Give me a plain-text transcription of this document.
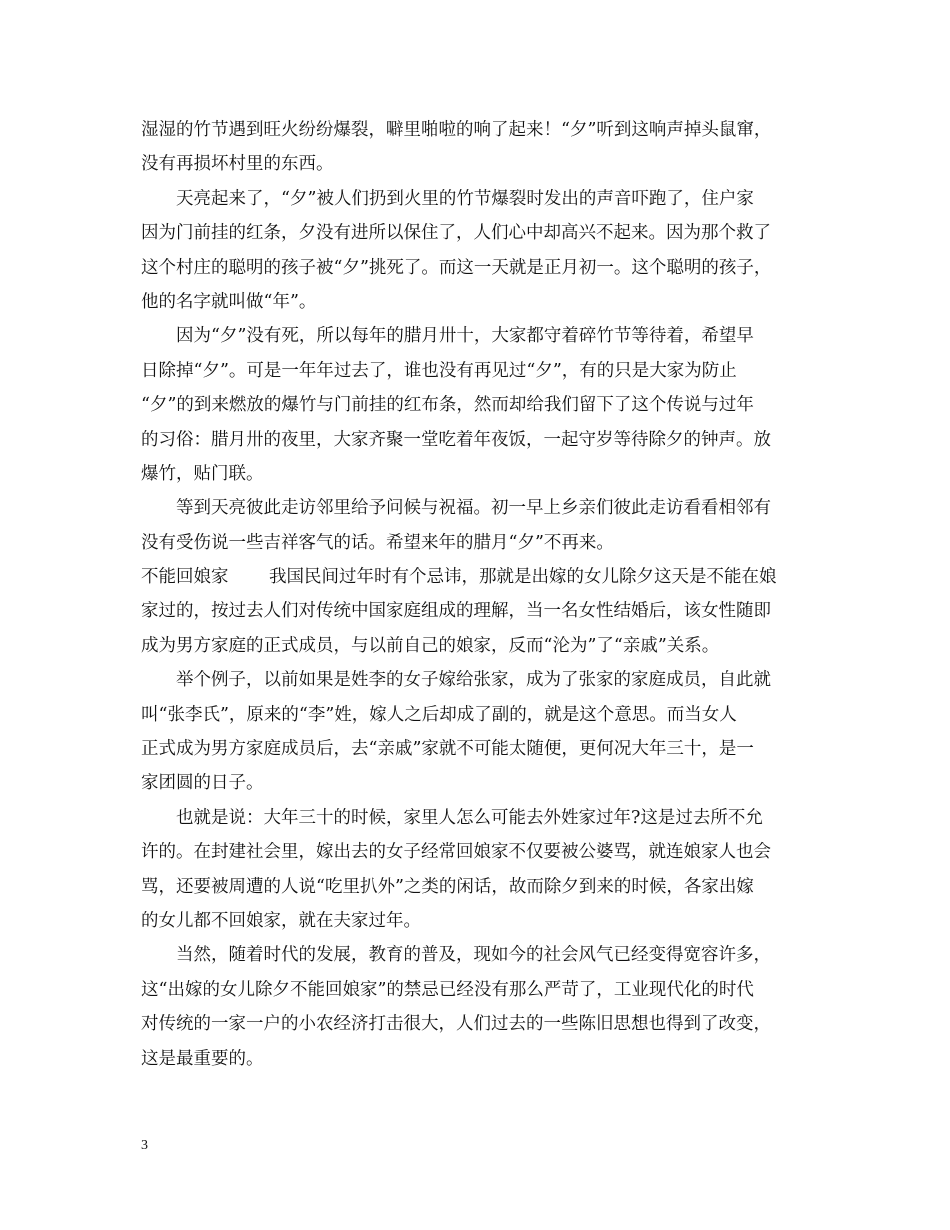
湿湿的竹节遇到旺火纷纷爆裂，噼里啪啦的响了起来！“夕”听到这响声掉头鼠窜，
没有再损坏村里的东西。
天亮起来了，“夕”被人们扔到火里的竹节爆裂时发出的声音吓跑了，住户家
因为门前挂的红条，夕没有进所以保住了，人们心中却高兴不起来。因为那个救了
这个村庄的聪明的孩子被“夕”挑死了。而这一天就是正月初一。这个聪明的孩子，
他的名字就叫做“年”。
因为“夕”没有死，所以每年的腊月卅十，大家都守着碎竹节等待着，希望早
日除掉“夕”。可是一年年过去了，谁也没有再见过“夕”，有的只是大家为防止
“夕”的到来燃放的爆竹与门前挂的红布条，然而却给我们留下了这个传说与过年
的习俗：腊月卅的夜里，大家齐聚一堂吃着年夜饭，一起守岁等待除夕的钟声。放
爆竹，贴门联。
等到天亮彼此走访邻里给予问候与祝福。初一早上乡亲们彼此走访看看相邻有
没有受伤说一些吉祥客气的话。希望来年的腊月“夕”不再来。
不能回娘家 我国民间过年时有个忌讳，那就是出嫁的女儿除夕这天是不能在娘
家过的，按过去人们对传统中国家庭组成的理解，当一名女性结婚后，该女性随即
成为男方家庭的正式成员，与以前自己的娘家，反而“沦为”了“亲戚”关系。
举个例子，以前如果是姓李的女子嫁给张家，成为了张家的家庭成员，自此就
叫“张李氏”，原来的“李”姓，嫁人之后却成了副的，就是这个意思。而当女人
正式成为男方家庭成员后，去“亲戚”家就不可能太随便，更何况大年三十，是一
家团圆的日子。
也就是说：大年三十的时候，家里人怎么可能去外姓家过年?这是过去所不允
许的。在封建社会里，嫁出去的女子经常回娘家不仅要被公婆骂，就连娘家人也会
骂，还要被周遭的人说“吃里扒外”之类的闲话，故而除夕到来的时候，各家出嫁
的女儿都不回娘家，就在夫家过年。
当然，随着时代的发展，教育的普及，现如今的社会风气已经变得宽容许多，
这“出嫁的女儿除夕不能回娘家”的禁忌已经没有那么严苛了，工业现代化的时代
对传统的一家一户的小农经济打击很大，人们过去的一些陈旧思想也得到了改变，
这是最重要的。
3
